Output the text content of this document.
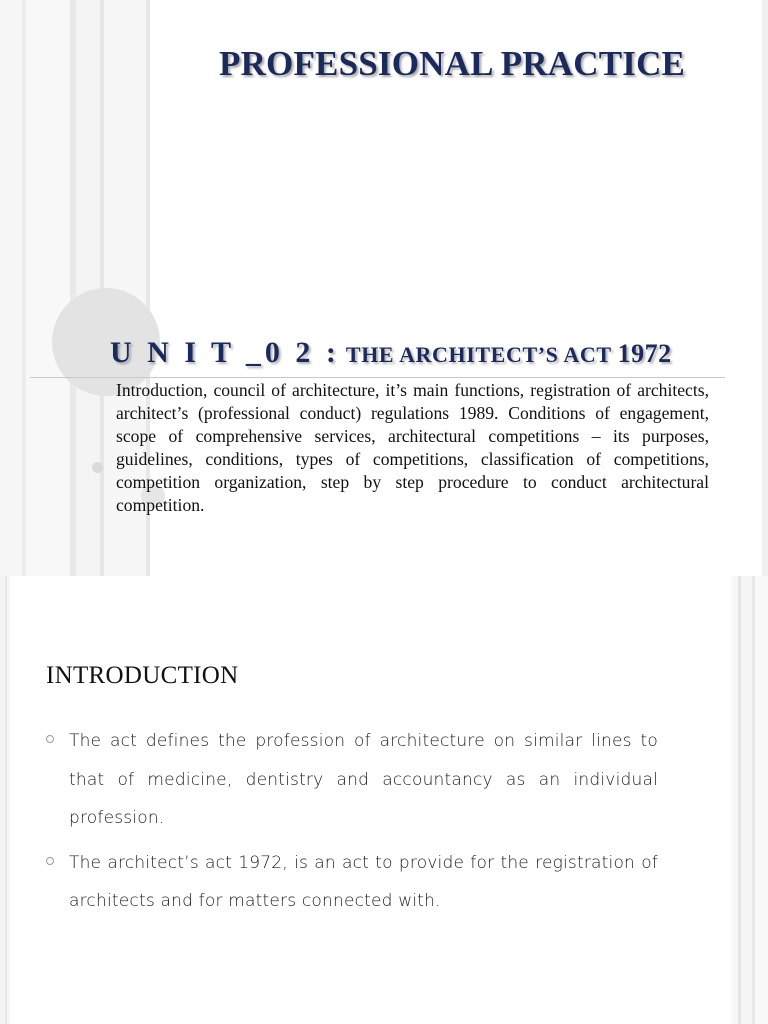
PROFESSIONAL PRACTICE
U N I T _0 2 : THE ARCHITECT’S ACT 1972

Introduction, council of architecture, it’s main functions, registration of architects, architect’s (professional conduct) regulations 1989. Conditions of engagement, scope of comprehensive services, architectural competitions – its purposes, guidelines, conditions, types of competitions, classification of competitions, competition organization, step by step procedure to conduct architectural competition.

INTRODUCTION
The act defines the profession of architecture on similar lines to that of medicine, dentistry and accountancy as an individual profession.
The architect’s act 1972, is an act to provide for the registration of architects and for matters connected with.
